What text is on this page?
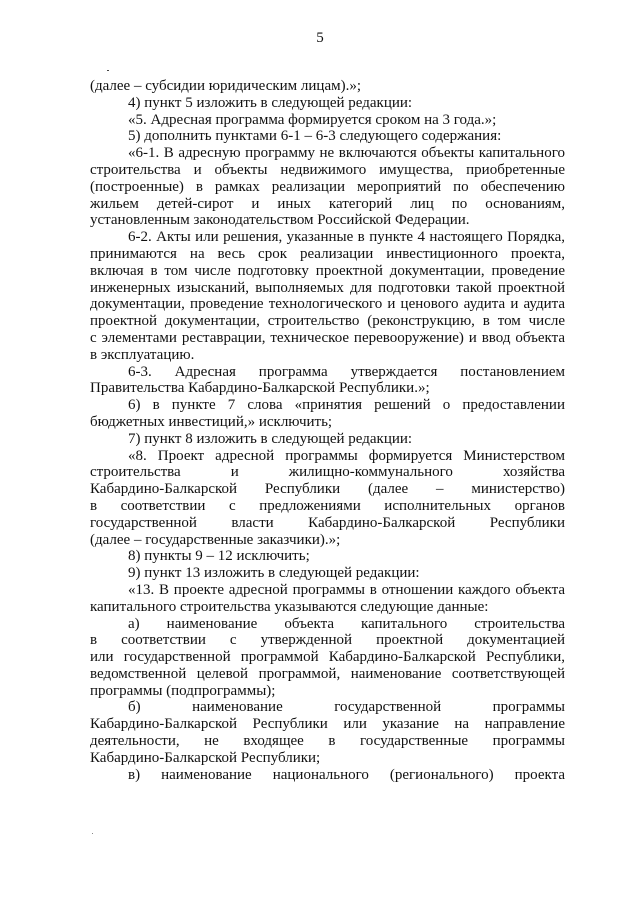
5
(далее – субсидии юридическим лицам).»;
4) пункт 5 изложить в следующей редакции:
«5. Адресная программа формируется сроком на 3 года.»;
5) дополнить пунктами 6-1 – 6-3 следующего содержания:
«6-1. В адресную программу не включаются объекты капитального
строительства и объекты недвижимого имущества, приобретенные
(построенные) в рамках реализации мероприятий по обеспечению
жильем детей-сирот и иных категорий лиц по основаниям,
установленным законодательством Российской Федерации.
6-2. Акты или решения, указанные в пункте 4 настоящего Порядка,
принимаются на весь срок реализации инвестиционного проекта,
включая в том числе подготовку проектной документации, проведение
инженерных изысканий, выполняемых для подготовки такой проектной
документации, проведение технологического и ценового аудита и аудита
проектной документации, строительство (реконструкцию, в том числе
с элементами реставрации, техническое перевооружение) и ввод объекта
в эксплуатацию.
6-3. Адресная программа утверждается постановлением
Правительства Кабардино-Балкарской Республики.»;
6) в пункте 7 слова «принятия решений о предоставлении
бюджетных инвестиций,» исключить;
7) пункт 8 изложить в следующей редакции:
«8. Проект адресной программы формируется Министерством
строительства и жилищно-коммунального хозяйства
Кабардино-Балкарской Республики (далее – министерство)
в соответствии с предложениями исполнительных органов
государственной власти Кабардино-Балкарской Республики
(далее – государственные заказчики).»;
8) пункты 9 – 12 исключить;
9) пункт 13 изложить в следующей редакции:
«13. В проекте адресной программы в отношении каждого объекта
капитального строительства указываются следующие данные:
а) наименование объекта капитального строительства
в соответствии с утвержденной проектной документацией
или государственной программой Кабардино-Балкарской Республики,
ведомственной целевой программой, наименование соответствующей
программы (подпрограммы);
б) наименование государственной программы
Кабардино-Балкарской Республики или указание на направление
деятельности, не входящее в государственные программы
Кабардино-Балкарской Республики;
в) наименование национального (регионального) проекта
